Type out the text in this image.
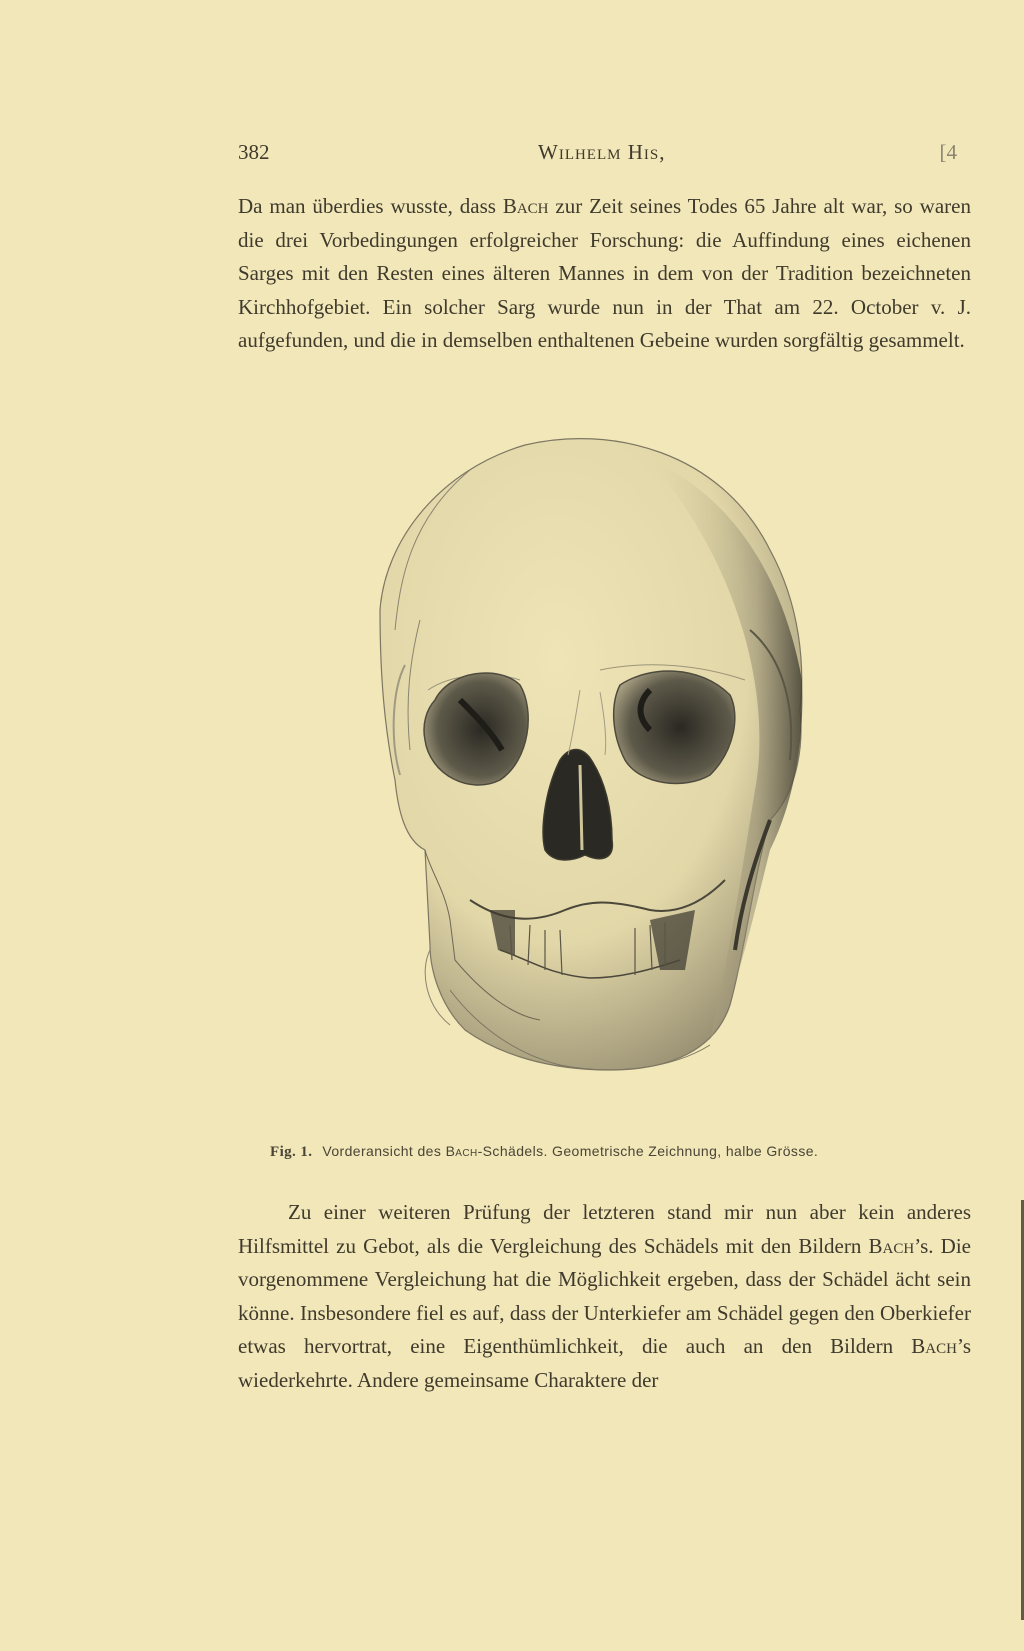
382	Wilhelm His,	[4
Da man überdies wusste, dass Bach zur Zeit seines Todes 65 Jahre alt war, so waren die drei Vorbedingungen erfolgreicher Forschung: die Auffindung eines eichenen Sarges mit den Resten eines älteren Mannes in dem von der Tradition bezeichneten Kirchhofgebiet. Ein solcher Sarg wurde nun in der That am 22. October v. J. aufgefunden, und die in demselben enthaltenen Gebeine wurden sorgfältig gesammelt.
Fig. 1. Vorderansicht des Bach-Schädels. Geometrische Zeichnung, halbe Grösse.
Zu einer weiteren Prüfung der letzteren stand mir nun aber kein anderes Hilfsmittel zu Gebot, als die Vergleichung des Schädels mit den Bildern Bach’s. Die vorgenommene Vergleichung hat die Möglichkeit ergeben, dass der Schädel ächt sein könne. Insbesondere fiel es auf, dass der Unterkiefer am Schädel gegen den Oberkiefer etwas hervortrat, eine Eigenthümlichkeit, die auch an den Bildern Bach’s wiederkehrte. Andere gemeinsame Charaktere der
